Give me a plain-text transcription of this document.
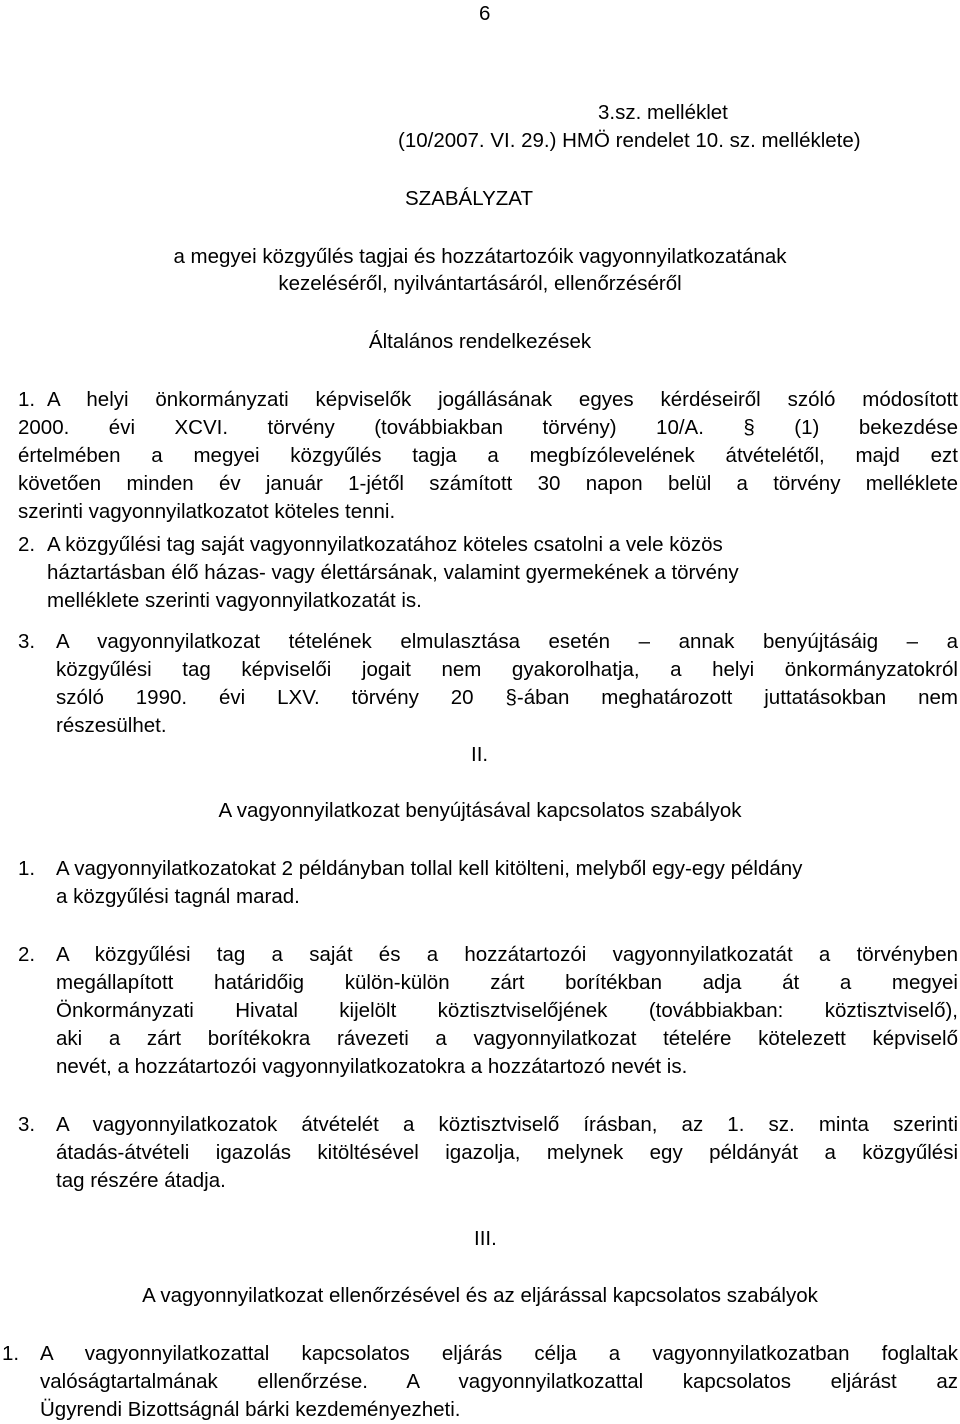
6
3.sz. melléklet
(10/2007. VI. 29.) HMÖ rendelet 10. sz. melléklete)
SZABÁLYZAT
a megyei közgyűlés tagjai és hozzátartozóik vagyonnyilatkozatának
kezeléséről, nyilvántartásáról, ellenőrzéséről
Általános rendelkezések
1. A helyi önkormányzati képviselők jogállásának egyes kérdéseiről szóló módosított
2000. évi XCVI. törvény (továbbiakban törvény) 10/A. § (1) bekezdése
értelmében a megyei közgyűlés tagja a megbízólevelének átvételétől, majd ezt
követően minden év január 1-jétől számított 30 napon belül a törvény melléklete
szerinti vagyonnyilatkozatot köteles tenni.
2. A közgyűlési tag saját vagyonnyilatkozatához köteles csatolni a vele közös
háztartásban élő házas- vagy élettársának, valamint gyermekének a törvény
melléklete szerinti vagyonnyilatkozatát is.
3. A vagyonnyilatkozat tételének elmulasztása esetén – annak benyújtásáig – a
közgyűlési tag képviselői jogait nem gyakorolhatja, a helyi önkormányzatokról
szóló 1990. évi LXV. törvény 20 §-ában meghatározott juttatásokban nem
részesülhet.
II.
A vagyonnyilatkozat benyújtásával kapcsolatos szabályok
1. A vagyonnyilatkozatokat 2 példányban tollal kell kitölteni, melyből egy-egy példány
a közgyűlési tagnál marad.
2. A közgyűlési tag a saját és a hozzátartozói vagyonnyilatkozatát a törvényben
megállapított határidőig külön-külön zárt borítékban adja át a megyei
Önkormányzati Hivatal kijelölt köztisztviselőjének (továbbiakban: köztisztviselő),
aki a zárt borítékokra rávezeti a vagyonnyilatkozat tételére kötelezett képviselő
nevét, a hozzátartozói vagyonnyilatkozatokra a hozzátartozó nevét is.
3. A vagyonnyilatkozatok átvételét a köztisztviselő írásban, az 1. sz. minta szerinti
átadás-átvételi igazolás kitöltésével igazolja, melynek egy példányát a közgyűlési
tag részére átadja.
III.
A vagyonnyilatkozat ellenőrzésével és az eljárással kapcsolatos szabályok
1. A vagyonnyilatkozattal kapcsolatos eljárás célja a vagyonnyilatkozatban foglaltak
valóságtartalmának ellenőrzése. A vagyonnyilatkozattal kapcsolatos eljárást az
Ügyrendi Bizottságnál bárki kezdeményezheti.
